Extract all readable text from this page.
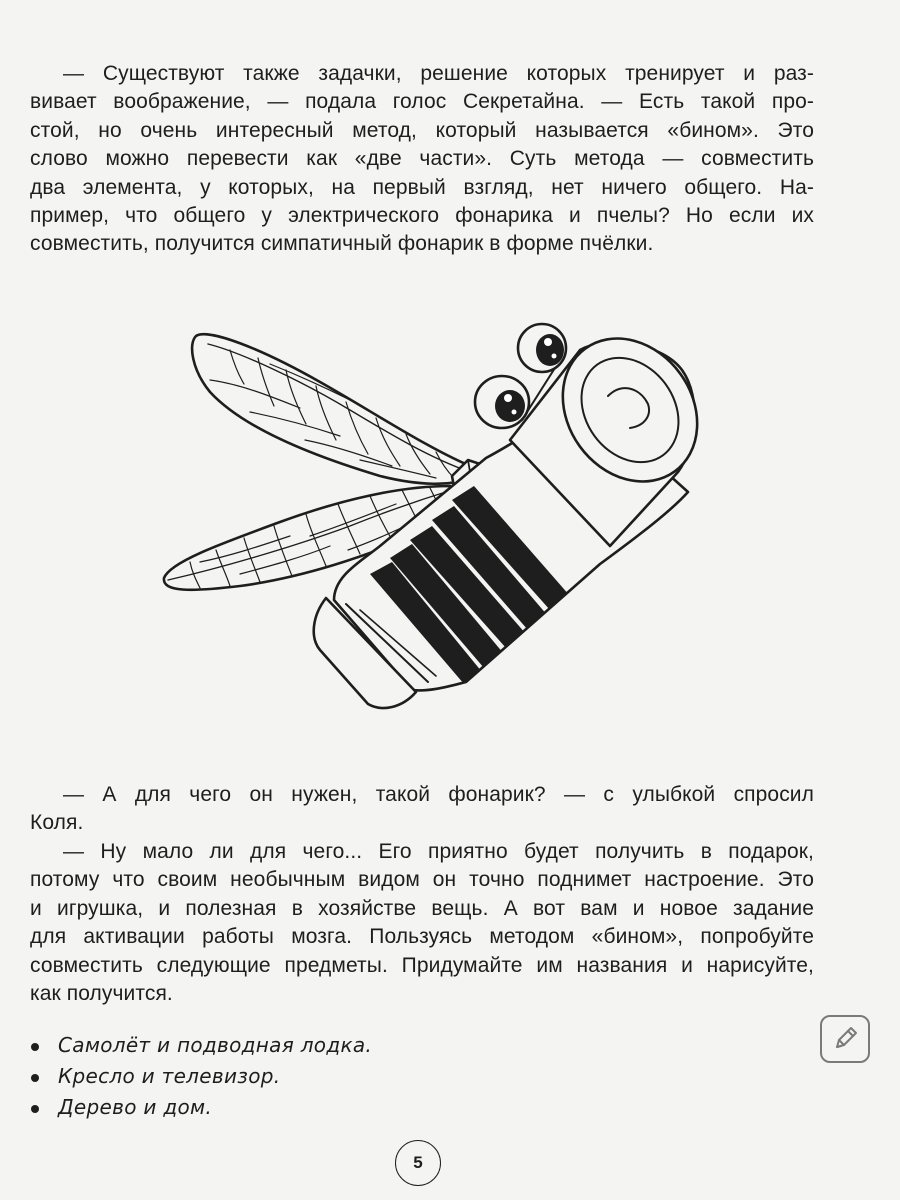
— Существуют также задачки, решение которых тренирует и раз-
вивает воображение, — подала голос Секретайна. — Есть такой про-
стой, но очень интересный метод, который называется «бином». Это
слово можно перевести как «две части». Суть метода — совместить
два элемента, у которых, на первый взгляд, нет ничего общего. На-
пример, что общего у электрического фонарика и пчелы? Но если их
совместить, получится симпатичный фонарик в форме пчёлки.

— А для чего он нужен, такой фонарик? — с улыбкой спросил
Коля.

— Ну мало ли для чего... Его приятно будет получить в подарок,
потому что своим необычным видом он точно поднимет настроение. Это
и игрушка, и полезная в хозяйстве вещь. А вот вам и новое задание
для активации работы мозга. Пользуясь методом «бином», попробуйте
совместить следующие предметы. Придумайте им названия и нарисуйте,
как получится.

Самолёт и подводная лодка.
Кресло и телевизор.
Дерево и дом.
5
